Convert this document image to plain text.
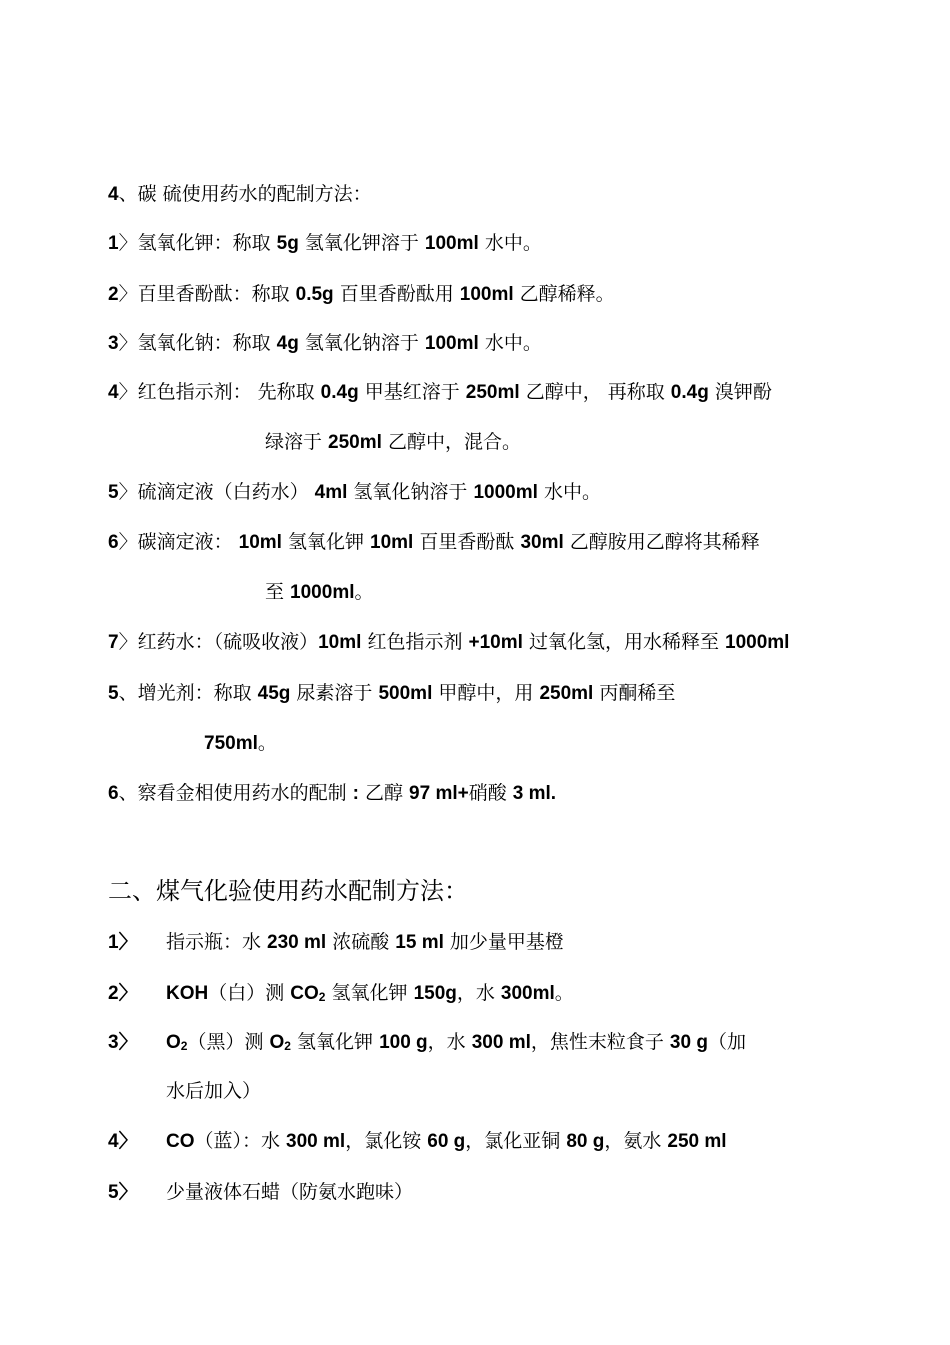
4、碳 硫使用药水的配制方法：
1〉氢氧化钾：称取 5g 氢氧化钾溶于 100ml 水中。
2〉百里香酚酞：称取 0.5g 百里香酚酞用 100ml 乙醇稀释。
3〉氢氧化钠：称取 4g 氢氧化钠溶于 100ml 水中。
4〉红色指示剂： 先称取 0.4g 甲基红溶于 250ml 乙醇中， 再称取 0.4g 溴钾酚
绿溶于 250ml 乙醇中，混合。
5〉硫滴定液（白药水） 4ml 氢氧化钠溶于 1000ml 水中。
6〉碳滴定液： 10ml 氢氧化钾 10ml 百里香酚酞 30ml 乙醇胺用乙醇将其稀释
至 1000ml。
7〉红药水：（硫吸收液）10ml 红色指示剂 +10ml 过氧化氢，用水稀释至 1000ml
5、增光剂：称取 45g 尿素溶于 500ml 甲醇中，用 250ml 丙酮稀至
750ml。
6、察看金相使用药水的配制 : 乙醇 97 ml+硝酸 3 ml.
二、煤气化验使用药水配制方法：
1〉 指示瓶：水 230 ml 浓硫酸 15 ml 加少量甲基橙
2〉 KOH（白）测 CO2 氢氧化钾 150g，水 300ml。
3〉 O2（黑）测 O2 氢氧化钾 100 g，水 300 ml，焦性末粒食子 30 g（加
水后加入）
4〉 CO（蓝）：水 300 ml，氯化铵 60 g，氯化亚铜 80 g，氨水 250 ml
5〉 少量液体石蜡（防氨水跑味）
